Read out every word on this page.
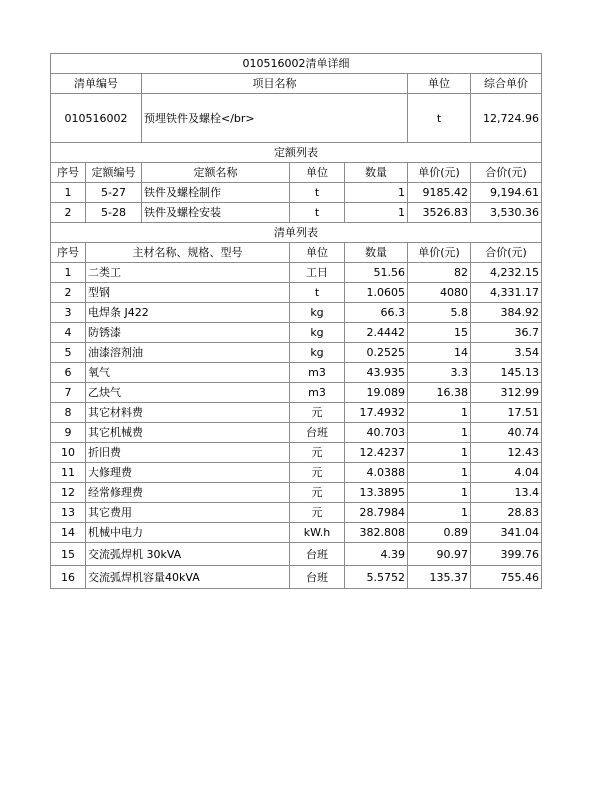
010516002清单详细						
清单编号		项目名称			单位	综合单价
010516002		预埋铁件及螺栓</br>			t	12,724.96
定额列表						
序号	定额编号	定额名称	单位	数量	单价(元)	合价(元)
1	5-27	铁件及螺栓制作	t	1	9185.42	9,194.61
2	5-28	铁件及螺栓安装	t	1	3526.83	3,530.36
清单列表						
序号	主材名称、规格、型号		单位	数量	单价(元)	合价(元)
1	二类工		工日	51.56	82	4,232.15
2	型钢		t	1.0605	4080	4,331.17
3	电焊条 J422		kg	66.3	5.8	384.92
4	防锈漆		kg	2.4442	15	36.7
5	油漆溶剂油		kg	0.2525	14	3.54
6	氧气		m3	43.935	3.3	145.13
7	乙炔气		m3	19.089	16.38	312.99
8	其它材料费		元	17.4932	1	17.51
9	其它机械费		台班	40.703	1	40.74
10	折旧费		元	12.4237	1	12.43
11	大修理费		元	4.0388	1	4.04
12	经常修理费		元	13.3895	1	13.4
13	其它费用		元	28.7984	1	28.83
14	机械中电力		kW.h	382.808	0.89	341.04
15	交流弧焊机 30kVA		台班	4.39	90.97	399.76
16	交流弧焊机容量40kVA		台班	5.5752	135.37	755.46
